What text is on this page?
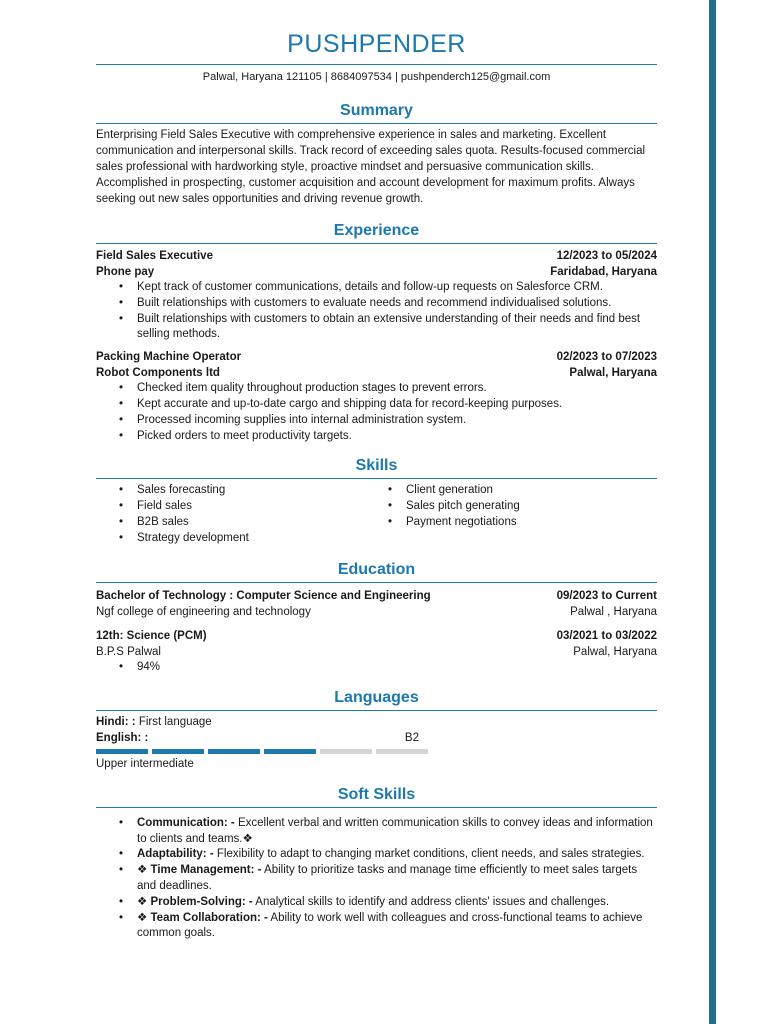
PUSHPENDER
Palwal, Haryana 121105 | 8684097534 | pushpenderch125@gmail.com
Summary
Enterprising Field Sales Executive with comprehensive experience in sales and marketing. Excellent communication and interpersonal skills. Track record of exceeding sales quota. Results-focused commercial sales professional with hardworking style, proactive mindset and persuasive communication skills. Accomplished in prospecting, customer acquisition and account development for maximum profits. Always seeking out new sales opportunities and driving revenue growth.
Experience
Field Sales Executive	12/2023 to 05/2024
Phone pay	Faridabad, Haryana
• Kept track of customer communications, details and follow-up requests on Salesforce CRM.
• Built relationships with customers to evaluate needs and recommend individualised solutions.
• Built relationships with customers to obtain an extensive understanding of their needs and find best selling methods.
Packing Machine Operator	02/2023 to 07/2023
Robot Components ltd	Palwal, Haryana
• Checked item quality throughout production stages to prevent errors.
• Kept accurate and up-to-date cargo and shipping data for record-keeping purposes.
• Processed incoming supplies into internal administration system.
• Picked orders to meet productivity targets.
Skills
• Sales forecasting
• Field sales
• B2B sales
• Strategy development
• Client generation
• Sales pitch generating
• Payment negotiations
Education
Bachelor of Technology : Computer Science and Engineering	09/2023 to Current
Ngf college of engineering and technology	Palwal , Haryana
12th: Science (PCM)	03/2021 to 03/2022
B.P.S Palwal	Palwal, Haryana
• 94%
Languages
Hindi: : First language
English: :	B2
Upper intermediate
Soft Skills
• Communication: - Excellent verbal and written communication skills to convey ideas and information to clients and teams.❖
• Adaptability: - Flexibility to adapt to changing market conditions, client needs, and sales strategies.
• ❖ Time Management: - Ability to prioritize tasks and manage time efficiently to meet sales targets and deadlines.
• ❖ Problem-Solving: - Analytical skills to identify and address clients' issues and challenges.
• ❖ Team Collaboration: - Ability to work well with colleagues and cross-functional teams to achieve common goals.
